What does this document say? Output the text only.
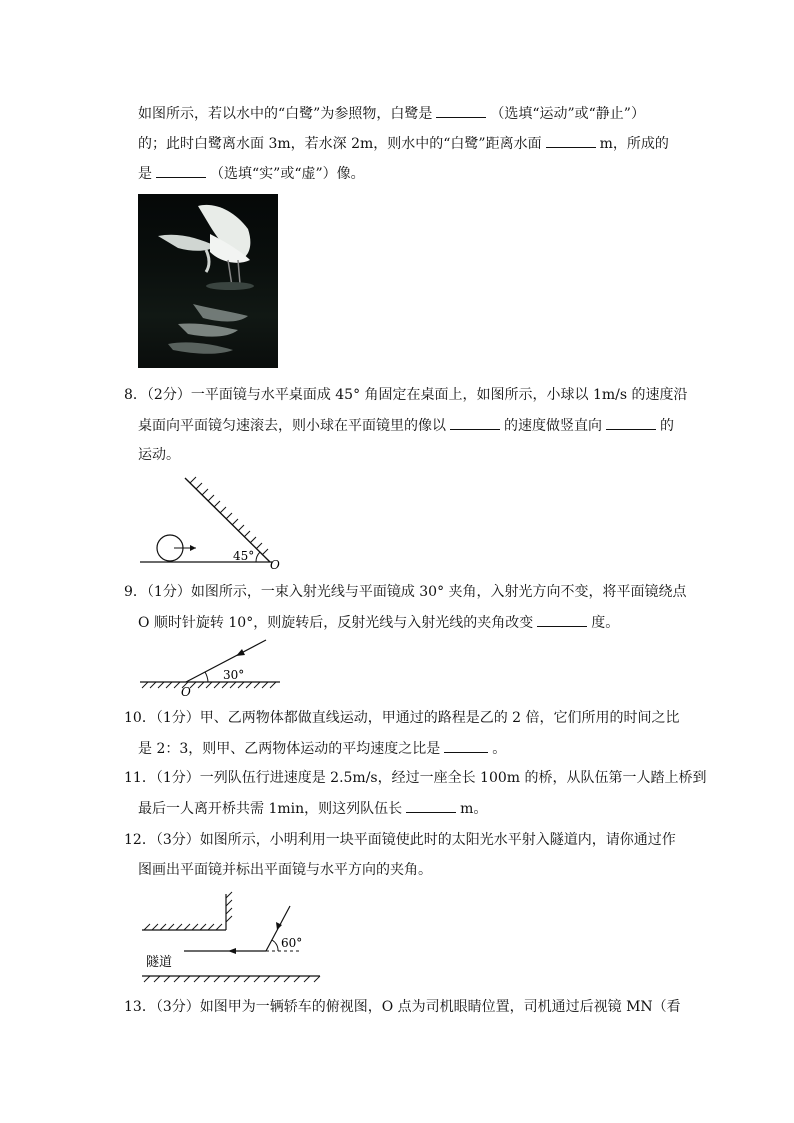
如图所示，若以水中的“白鹭”为参照物，白鹭是	（选填“运动”或“静止”）
的；此时白鹭离水面 3m，若水深 2m，则水中的“白鹭”距离水面	m，所成的
是	（选填“实”或“虚”）像。
8．（2分）一平面镜与水平桌面成 45° 角固定在桌面上，如图所示，小球以 1m/s 的速度沿
桌面向平面镜匀速滚去，则小球在平面镜里的像以	的速度做竖直向	的
运动。
45°
O
9．（1分）如图所示，一束入射光线与平面镜成 30° 夹角，入射光方向不变，将平面镜绕点
O 顺时针旋转 10°，则旋转后，反射光线与入射光线的夹角改变	度。
30°
O
10．（1分）甲、乙两物体都做直线运动，甲通过的路程是乙的 2 倍，它们所用的时间之比
是 2：3，则甲、乙两物体运动的平均速度之比是	。
11．（1分）一列队伍行进速度是 2.5m/s，经过一座全长 100m 的桥，从队伍第一人踏上桥到
最后一人离开桥共需 1min，则这列队伍长	m。
12．（3分）如图所示，小明利用一块平面镜使此时的太阳光水平射入隧道内，请你通过作
图画出平面镜并标出平面镜与水平方向的夹角。
60°
隧道
13．（3分）如图甲为一辆轿车的俯视图，O 点为司机眼睛位置，司机通过后视镜 MN（看
